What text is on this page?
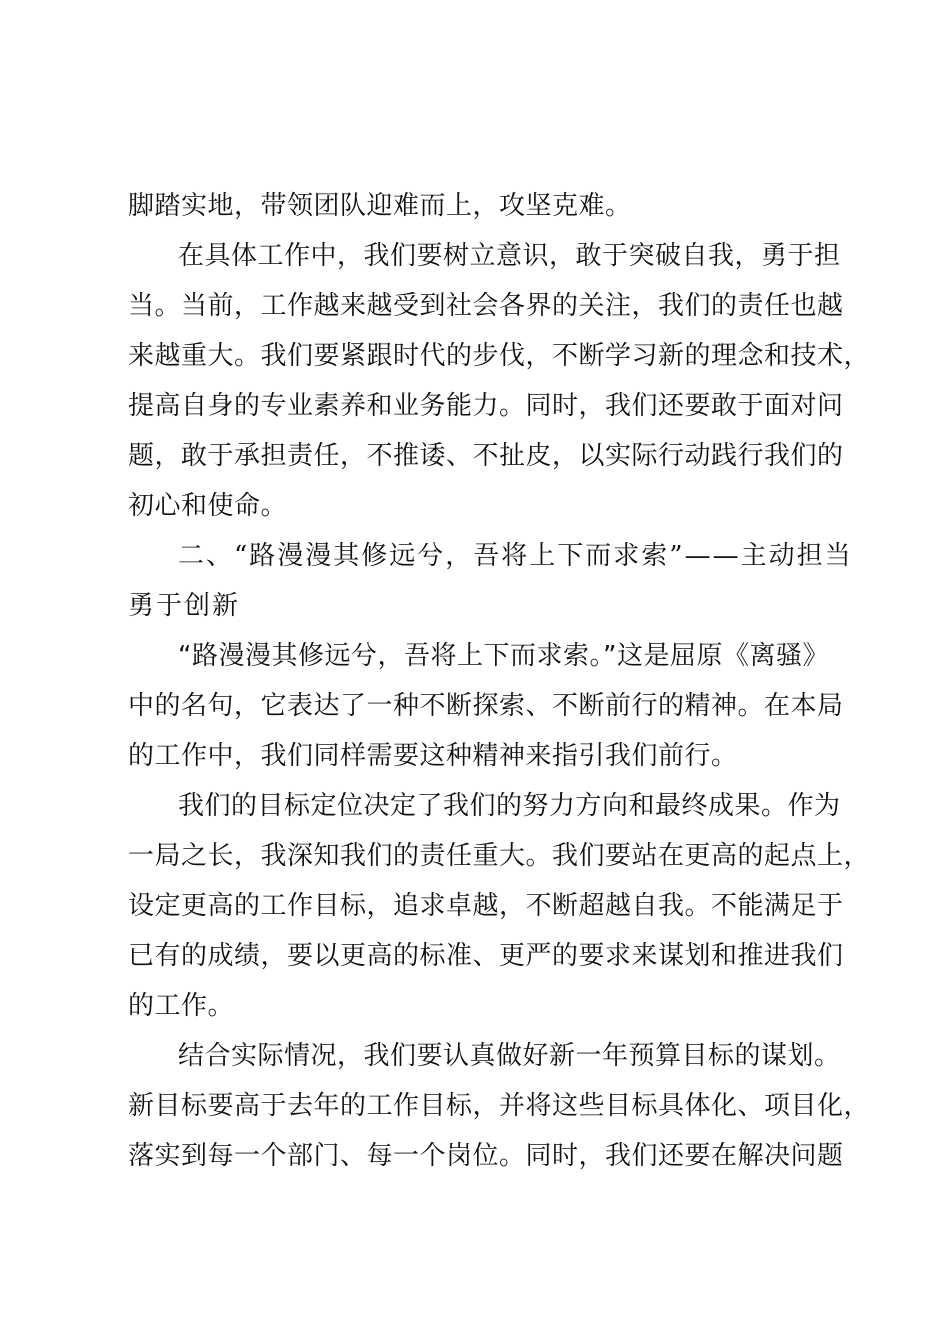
脚踏实地，带领团队迎难而上，攻坚克难。
在具体工作中，我们要树立意识，敢于突破自我，勇于担
当。当前，工作越来越受到社会各界的关注，我们的责任也越
来越重大。我们要紧跟时代的步伐，不断学习新的理念和技术，
提高自身的专业素养和业务能力。同时，我们还要敢于面对问
题，敢于承担责任，不推诿、不扯皮，以实际行动践行我们的
初心和使命。
二、“路漫漫其修远兮，吾将上下而求索”——主动担当
勇于创新
“路漫漫其修远兮，吾将上下而求索。”这是屈原《离骚》
中的名句，它表达了一种不断探索、不断前行的精神。在本局
的工作中，我们同样需要这种精神来指引我们前行。
我们的目标定位决定了我们的努力方向和最终成果。作为
一局之长，我深知我们的责任重大。我们要站在更高的起点上，
设定更高的工作目标，追求卓越，不断超越自我。不能满足于
已有的成绩，要以更高的标准、更严的要求来谋划和推进我们
的工作。
结合实际情况，我们要认真做好新一年预算目标的谋划。
新目标要高于去年的工作目标，并将这些目标具体化、项目化，
落实到每一个部门、每一个岗位。同时，我们还要在解决问题
